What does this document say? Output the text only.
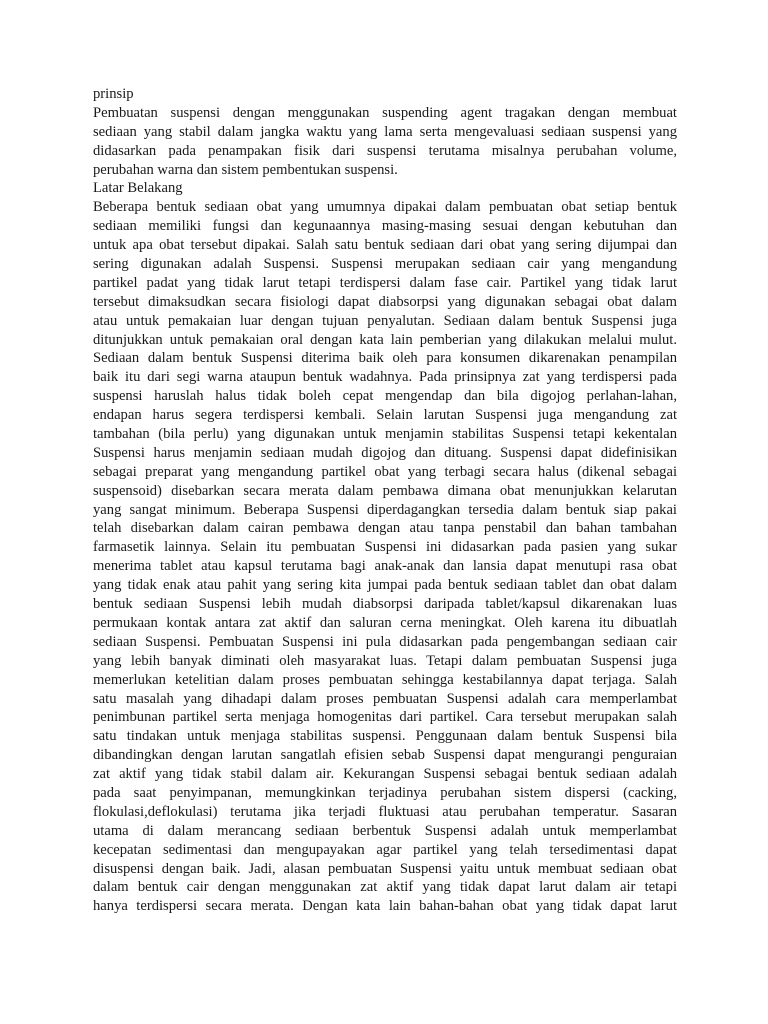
prinsip
Pembuatan suspensi dengan menggunakan suspending agent tragakan dengan membuat
sediaan yang stabil dalam jangka waktu yang lama serta mengevaluasi sediaan suspensi yang
didasarkan pada penampakan fisik dari suspensi terutama misalnya perubahan volume,
perubahan warna dan sistem pembentukan suspensi.
Latar Belakang
Beberapa bentuk sediaan obat yang umumnya dipakai dalam pembuatan obat setiap bentuk
sediaan memiliki fungsi dan kegunaannya masing-masing sesuai dengan kebutuhan dan
untuk apa obat tersebut dipakai. Salah satu bentuk sediaan dari obat yang sering dijumpai dan
sering digunakan adalah Suspensi. Suspensi merupakan sediaan cair yang mengandung
partikel padat yang tidak larut tetapi terdispersi dalam fase cair. Partikel yang tidak larut
tersebut dimaksudkan secara fisiologi dapat diabsorpsi yang digunakan sebagai obat dalam
atau untuk pemakaian luar dengan tujuan penyalutan. Sediaan dalam bentuk Suspensi juga
ditunjukkan untuk pemakaian oral dengan kata lain pemberian yang dilakukan melalui mulut.
Sediaan dalam bentuk Suspensi diterima baik oleh para konsumen dikarenakan penampilan
baik itu dari segi warna ataupun bentuk wadahnya. Pada prinsipnya zat yang terdispersi pada
suspensi haruslah halus tidak boleh cepat mengendap dan bila digojog perlahan-lahan,
endapan harus segera terdispersi kembali. Selain larutan Suspensi juga mengandung zat
tambahan (bila perlu) yang digunakan untuk menjamin stabilitas Suspensi tetapi kekentalan
Suspensi harus menjamin sediaan mudah digojog dan dituang. Suspensi dapat didefinisikan
sebagai preparat yang mengandung partikel obat yang terbagi secara halus (dikenal sebagai
suspensoid) disebarkan secara merata dalam pembawa dimana obat menunjukkan kelarutan
yang sangat minimum. Beberapa Suspensi diperdagangkan tersedia dalam bentuk siap pakai
telah disebarkan dalam cairan pembawa dengan atau tanpa penstabil dan bahan tambahan
farmasetik lainnya. Selain itu pembuatan Suspensi ini didasarkan pada pasien yang sukar
menerima tablet atau kapsul terutama bagi anak-anak dan lansia dapat menutupi rasa obat
yang tidak enak atau pahit yang sering kita jumpai pada bentuk sediaan tablet dan obat dalam
bentuk sediaan Suspensi lebih mudah diabsorpsi daripada tablet/kapsul dikarenakan luas
permukaan kontak antara zat aktif dan saluran cerna meningkat. Oleh karena itu dibuatlah
sediaan Suspensi. Pembuatan Suspensi ini pula didasarkan pada pengembangan sediaan cair
yang lebih banyak diminati oleh masyarakat luas. Tetapi dalam pembuatan Suspensi juga
memerlukan ketelitian dalam proses pembuatan sehingga kestabilannya dapat terjaga. Salah
satu masalah yang dihadapi dalam proses pembuatan Suspensi adalah cara memperlambat
penimbunan partikel serta menjaga homogenitas dari partikel. Cara tersebut merupakan salah
satu tindakan untuk menjaga stabilitas suspensi. Penggunaan dalam bentuk Suspensi bila
dibandingkan dengan larutan sangatlah efisien sebab Suspensi dapat mengurangi penguraian
zat aktif yang tidak stabil dalam air. Kekurangan Suspensi sebagai bentuk sediaan adalah
pada saat penyimpanan, memungkinkan terjadinya perubahan sistem dispersi (cacking,
flokulasi,deflokulasi) terutama jika terjadi fluktuasi atau perubahan temperatur. Sasaran
utama di dalam merancang sediaan berbentuk Suspensi adalah untuk memperlambat
kecepatan sedimentasi dan mengupayakan agar partikel yang telah tersedimentasi dapat
disuspensi dengan baik. Jadi, alasan pembuatan Suspensi yaitu untuk membuat sediaan obat
dalam bentuk cair dengan menggunakan zat aktif yang tidak dapat larut dalam air tetapi
hanya terdispersi secara merata. Dengan kata lain bahan-bahan obat yang tidak dapat larut
